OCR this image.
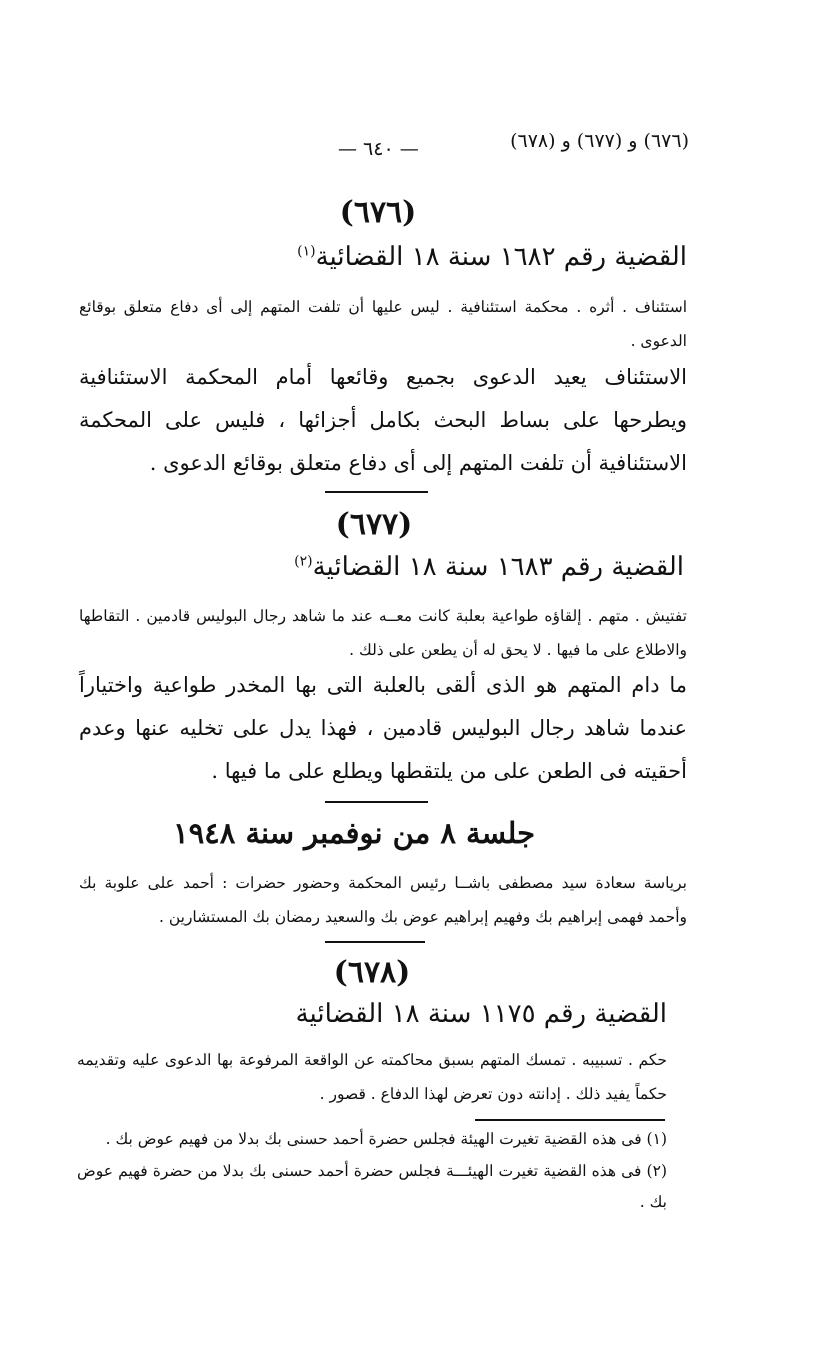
(٦٧٦) و (٦٧٧) و (٦٧٨)
— ٦٤٠ —
(٦٧٦)
القضية رقم ١٦٨٢ سنة ١٨ القضائية$^{(١)}$
استئناف . أثره . محكمة استئنافية . ليس عليها أن تلفت المتهم إلى أى دفاع متعلق بوقائع الدعوى .
الاستئناف يعيد الدعوى بجميع وقائعها أمام المحكمة الاستئنافية ويطرحها على بساط البحث بكامل أجزائها ، فليس على المحكمة الاستئنافية أن تلفت المتهم إلى أى دفاع متعلق بوقائع الدعوى .
(٦٧٧)
القضية رقم ١٦٨٣ سنة ١٨ القضائية$^{(٢)}$
تفتيش . متهم . إلقاؤه طواعية بعلبة كانت معــه عند ما شاهد رجال البوليس قادمين . التقاطها والاطلاع على ما فيها . لا يحق له أن يطعن على ذلك .
ما دام المتهم هو الذى ألقى بالعلبة التى بها المخدر طواعية واختياراً عندما شاهد رجال البوليس قادمين ، فهذا يدل على تخليه عنها وعدم أحقيته فى الطعن على من يلتقطها ويطلع على ما فيها .
جلسة ٨ من نوفمبر سنة ١٩٤٨
برياسة سعادة سيد مصطفى باشــا رئيس المحكمة وحضور حضرات : أحمد على علوبة بك وأحمد فهمى إبراهيم بك وفهيم إبراهيم عوض بك والسعيد رمضان بك المستشارين .
(٦٧٨)
القضية رقم ١١٧٥ سنة ١٨ القضائية
حكم . تسبيبه . تمسك المتهم بسبق محاكمته عن الواقعة المرفوعة بها الدعوى عليه وتقديمه حكماً يفيد ذلك . إدانته دون تعرض لهذا الدفاع . قصور .
(١) فى هذه القضية تغيرت الهيئة فجلس حضرة أحمد حسنى بك بدلا من فهيم عوض بك .
(٢) فى هذه القضية تغيرت الهيئـــة فجلس حضرة أحمد حسنى بك بدلا من حضرة فهيم عوض بك .
